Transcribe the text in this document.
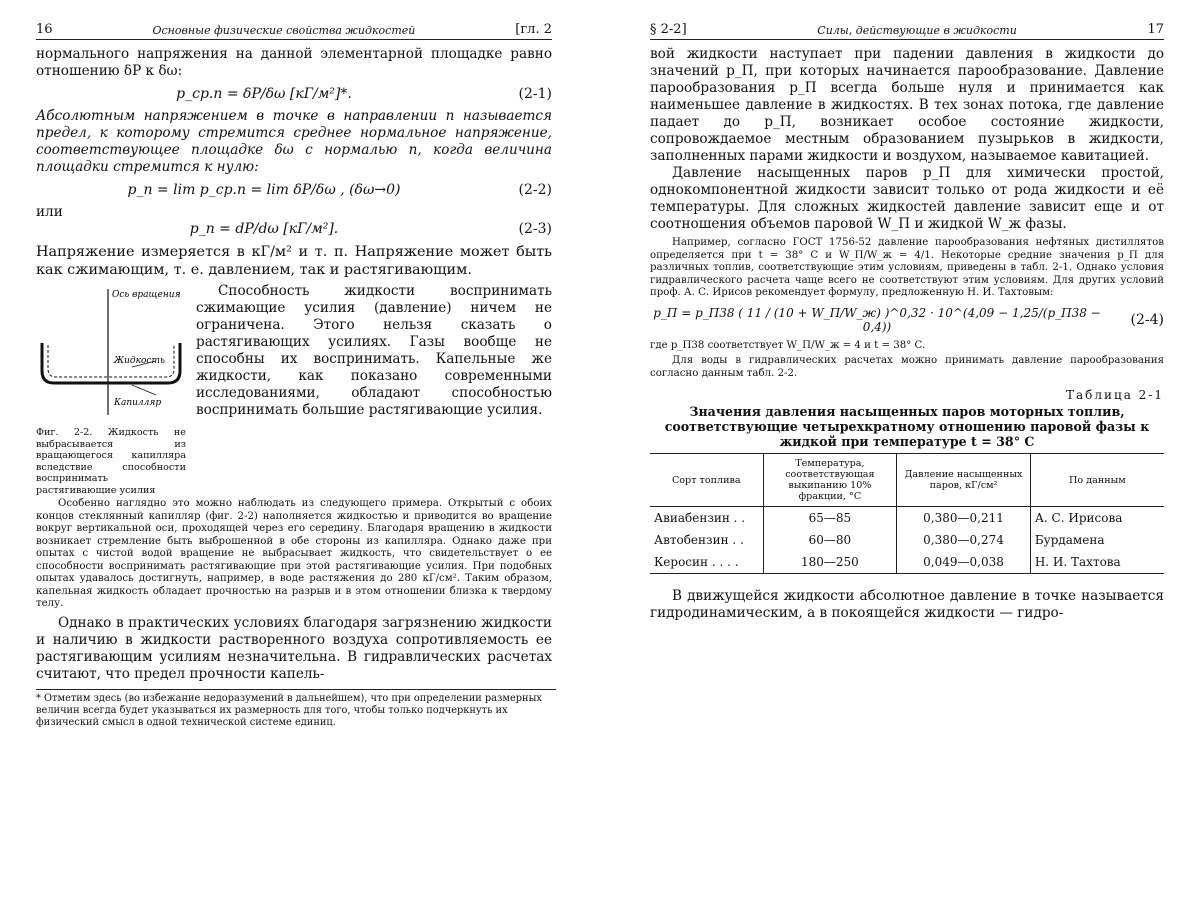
16	Основные физические свойства жидкостей	[гл. 2

нормального напряжения на данной элементарной площадке равно отношению δP к δω:

p_ср.n = δP/δω [кГ/м²]*.	(2-1)

Абсолютным напряжением в точке в направлении n называется предел, к которому стремится среднее нормальное напряжение, соответствующее площадке δω с нормалью n, когда величина площадки стремится к нулю:

p_n = lim p_ср.n = lim δP/δω , (δω→0)	(2-2)

или

p_n = dP/dω [кГ/м²].	(2-3)

Напряжение измеряется в кГ/м² и т. п. Напряжение может быть как сжимающим, т. е. давлением, так и растягивающим.

Ось вращения
Жидкость
Капилляр

Фиг. 2-2. Жидкость не выбрасывается из вращающегося капилляра вследствие способности воспринимать растягивающие усилия

Способность жидкости воспринимать сжимающие усилия (давление) ничем не ограничена. Этого нельзя сказать о растягивающих усилиях. Газы вообще не способны их воспринимать. Капельные же жидкости, как показано современными исследованиями, обладают способностью воспринимать большие растягивающие усилия.

Особенно наглядно это можно наблюдать из следующего примера. Открытый с обоих концов стеклянный капилляр (фиг. 2-2) наполняется жидкостью и приводится во вращение вокруг вертикальной оси, проходящей через его середину. Благодаря вращению в жидкости возникает стремление быть выброшенной в обе стороны из капилляра. Однако даже при опытах с чистой водой вращение не выбрасывает жидкость, что свидетельствует о ее способности воспринимать растягивающие при этой растягивающие усилия. При подобных опытах удавалось достигнуть, например, в воде растяжения до 280 кГ/см². Таким образом, капельная жидкость обладает прочностью на разрыв и в этом отношении близка к твердому телу.

Однако в практических условиях благодаря загрязнению жидкости и наличию в жидкости растворенного воздуха сопротивляемость ее растягивающим усилиям незначительна. В гидравлических расчетах считают, что предел прочности капель-

* Отметим здесь (во избежание недоразумений в дальнейшем), что при определении размерных величин всегда будет указываться их размерность для того, чтобы только подчеркнуть их физический смысл в одной технической системе единиц.

§ 2-2]	Силы, действующие в жидкости	17

вой жидкости наступает при падении давления в жидкости до значений p_П, при которых начинается парообразование. Давление парообразования p_П всегда больше нуля и принимается как наименьшее давление в жидкостях. В тех зонах потока, где давление падает до p_П, возникает особое состояние жидкости, сопровождаемое местным образованием пузырьков в жидкости, заполненных парами жидкости и воздухом, называемое кавитацией.

Давление насыщенных паров p_П для химически простой, однокомпонентной жидкости зависит только от рода жидкости и её температуры. Для сложных жидкостей давление зависит еще и от соотношения объемов паровой W_П и жидкой W_ж фазы.

Например, согласно ГОСТ 1756-52 давление парообразования нефтяных дистиллятов определяется при t = 38° C и W_П/W_ж = 4/1. Некоторые средние значения p_П для различных топлив, соответствующие этим условиям, приведены в табл. 2-1. Однако условия гидравлического расчета чаще всего не соответствуют этим условиям. Для других условий проф. А. С. Ирисов рекомендует формулу, предложенную Н. И. Тахтовым:

p_П = p_П38 ( 11 / (10 + W_П/W_ж) )^0,32 · 10^(4,09 − 1,25/(p_П38 − 0,4))	(2-4)

где p_П38 соответствует W_П/W_ж = 4 и t = 38° C.

Для воды в гидравлических расчетах можно принимать давление парообразования согласно данным табл. 2-2.

Таблица 2-1

Значения давления насыщенных паров моторных топлив, соответствующие четырехкратному отношению паровой фазы к жидкой при температуре t = 38° C

Сорт топлива	Температура, соответствующая выкипанию 10% фракции, °С	Давление насыщенных паров, кГ/см²	По данным
Авиабензин . .	65—85	0,380—0,211	А. С. Ирисова
Автобензин . .	60—80	0,380—0,274	Бурдамена
Керосин . . . .	180—250	0,049—0,038	Н. И. Тахтова

В движущейся жидкости абсолютное давление в точке называется гидродинамическим, а в покоящейся жидкости — гидро-
